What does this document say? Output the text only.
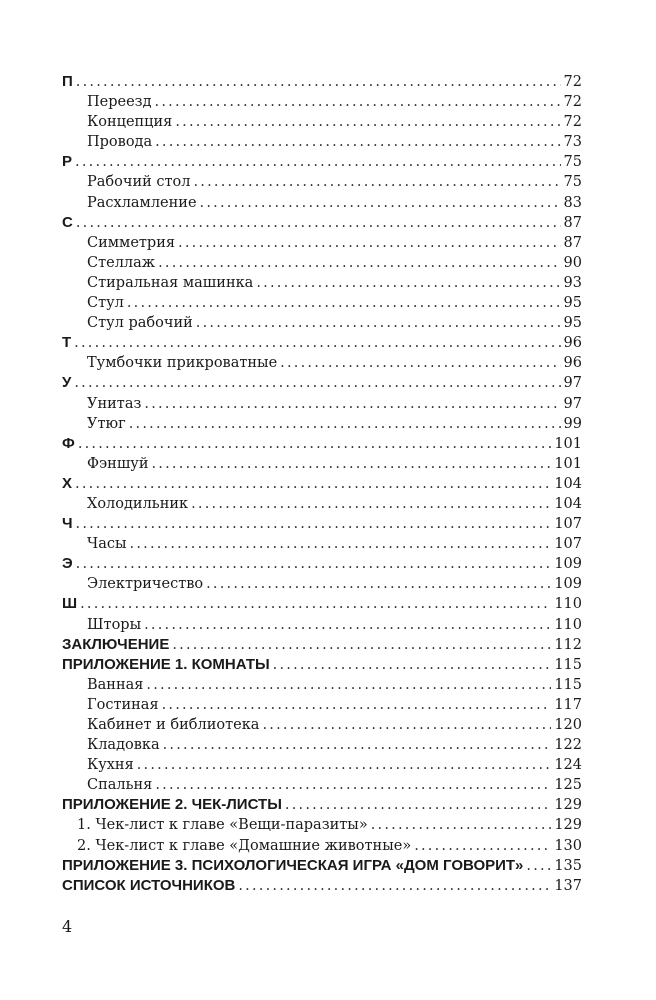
П .....	72
Переезд .....	72
Концепция .....	72
Провода .....	73
Р .....	75
Рабочий стол .....	75
Расхламление .....	83
С .....	87
Симметрия .....	87
Стеллаж .....	90
Стиральная машинка .....	93
Стул .....	95
Стул рабочий .....	95
Т .....	96
Тумбочки прикроватные .....	96
У .....	97
Унитаз .....	97
Утюг .....	99
Ф .....	101
Фэншуй .....	101
Х .....	104
Холодильник .....	104
Ч .....	107
Часы .....	107
Э .....	109
Электричество .....	109
Ш .....	110
Шторы .....	110
ЗАКЛЮЧЕНИЕ .....	112
ПРИЛОЖЕНИЕ 1. КОМНАТЫ .....	115
Ванная .....	115
Гостиная .....	117
Кабинет и библиотека .....	120
Кладовка .....	122
Кухня .....	124
Спальня .....	125
ПРИЛОЖЕНИЕ 2. ЧЕК-ЛИСТЫ .....	129
1. Чек-лист к главе «Вещи-паразиты» .....	129
2. Чек-лист к главе «Домашние животные» .....	130
ПРИЛОЖЕНИЕ 3. ПСИХОЛОГИЧЕСКАЯ ИГРА «ДОМ ГОВОРИТ» ..... 135
СПИСОК ИСТОЧНИКОВ .....	137
4
